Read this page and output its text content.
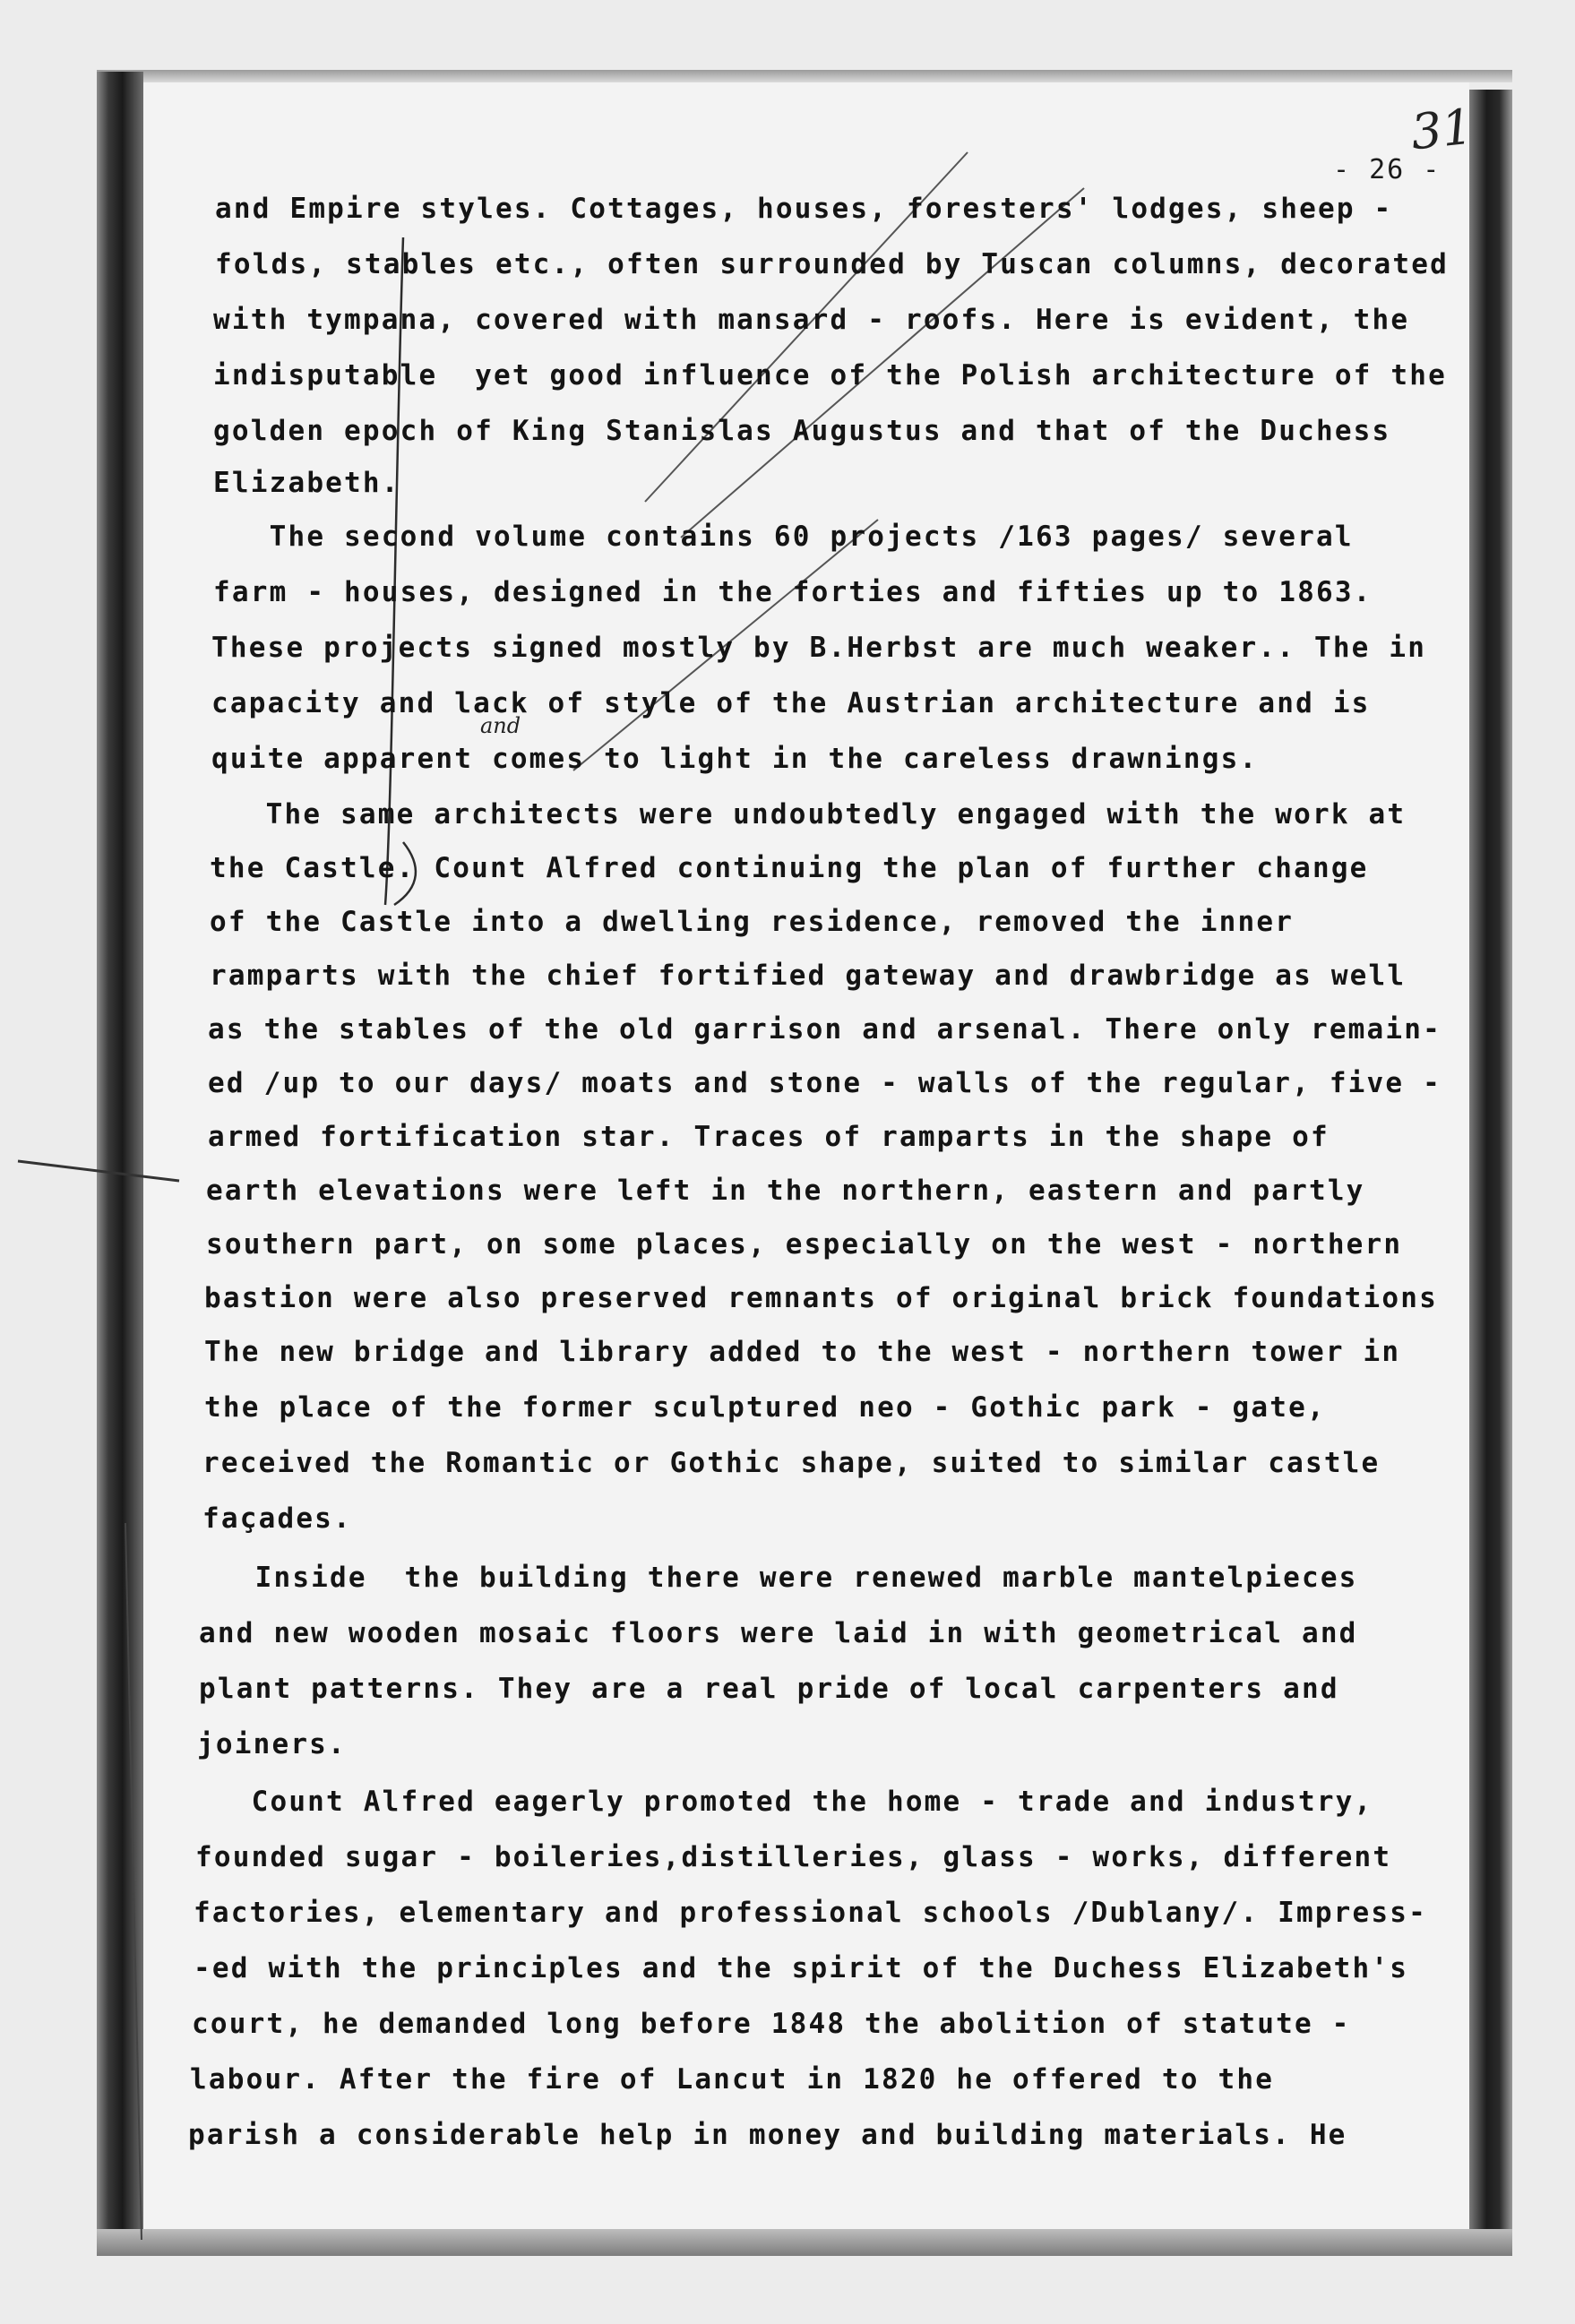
31
- 26 -
and Empire styles. Cottages, houses, foresters' lodges, sheep -
folds, stables etc., often surrounded by Tuscan columns, decorated
with tympana, covered with mansard - roofs. Here is evident, the
indisputable  yet good influence of the Polish architecture of the
golden epoch of King Stanislas Augustus and that of the Duchess
Elizabeth.
The second volume contains 60 projects /163 pages/ several
farm - houses, designed in the forties and fifties up to 1863.
These projects signed mostly by B.Herbst are much weaker.. The in
capacity and lack of style of the Austrian architecture and is
quite apparent comes to light in the careless drawnings.
The same architects were undoubtedly engaged with the work at
the Castle. Count Alfred continuing the plan of further change
of the Castle into a dwelling residence, removed the inner
ramparts with the chief fortified gateway and drawbridge as well
as the stables of the old garrison and arsenal. There only remain-
ed /up to our days/ moats and stone - walls of the regular, five -
armed fortification star. Traces of ramparts in the shape of
earth elevations were left in the northern, eastern and partly
southern part, on some places, especially on the west - northern
bastion were also preserved remnants of original brick foundations
The new bridge and library added to the west - northern tower in
the place of the former sculptured neo - Gothic park - gate,
received the Romantic or Gothic shape, suited to similar castle
façades.
Inside  the building there were renewed marble mantelpieces
and new wooden mosaic floors were laid in with geometrical and
plant patterns. They are a real pride of local carpenters and
joiners.
Count Alfred eagerly promoted the home - trade and industry,
founded sugar - boileries,distilleries, glass - works, different
factories, elementary and professional schools /Dublany/. Impress-
-ed with the principles and the spirit of the Duchess Elizabeth's
court, he demanded long before 1848 the abolition of statute -
labour. After the fire of Lancut in 1820 he offered to the
parish a considerable help in money and building materials. He
and
